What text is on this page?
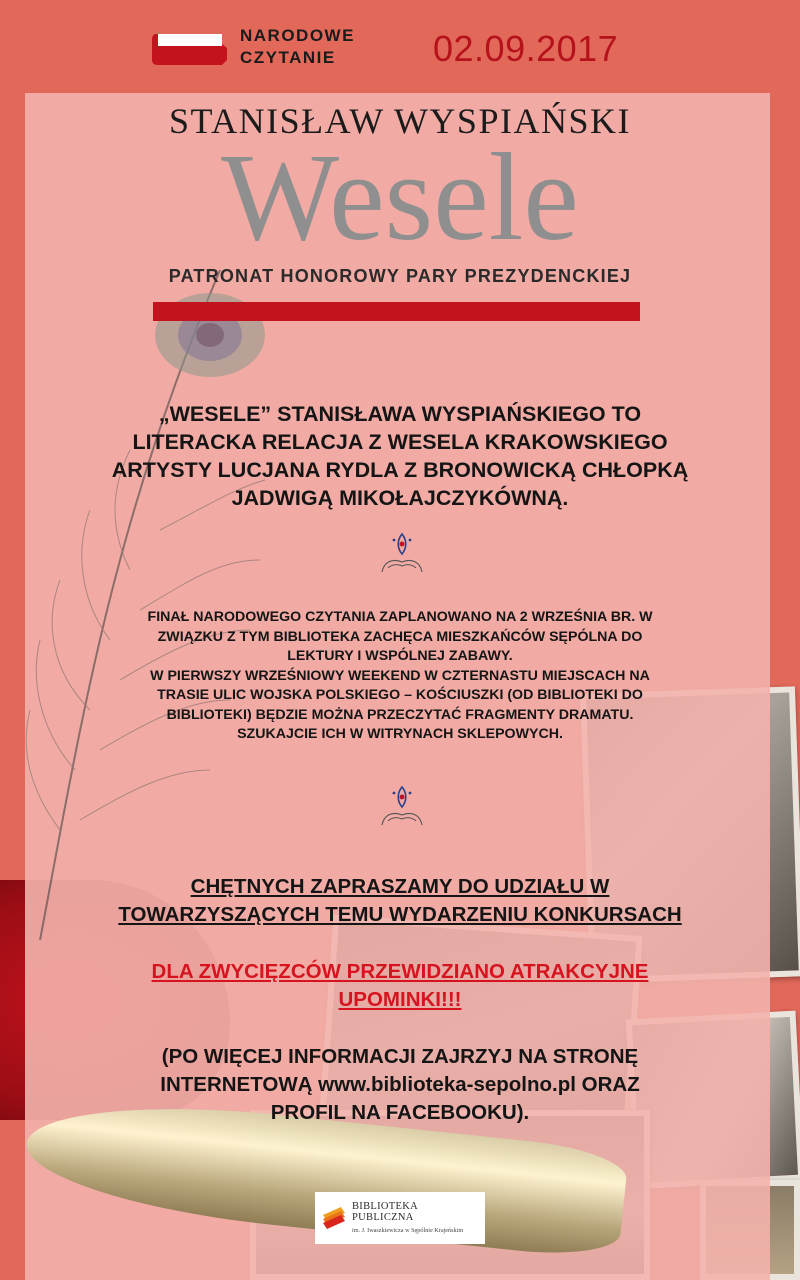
NARODOWE
CZYTANIE	02.09.2017
STANISŁAW WYSPIAŃSKI
Wesele
PATRONAT HONOROWY PARY PREZYDENCKIEJ
„WESELE” STANISŁAWA WYSPIAŃSKIEGO TO
LITERACKA RELACJA Z WESELA KRAKOWSKIEGO
ARTYSTY LUCJANA RYDLA Z BRONOWICKĄ CHŁOPKĄ
JADWIGĄ MIKOŁAJCZYKÓWNĄ.
FINAŁ NARODOWEGO CZYTANIA ZAPLANOWANO NA 2 WRZEŚNIA BR. W
ZWIĄZKU Z TYM BIBLIOTEKA ZACHĘCA MIESZKAŃCÓW SĘPÓLNA DO
LEKTURY I WSPÓLNEJ ZABAWY.
W PIERWSZY WRZEŚNIOWY WEEKEND W CZTERNASTU MIEJSCACH NA
TRASIE ULIC WOJSKA POLSKIEGO – KOŚCIUSZKI (OD BIBLIOTEKI DO
BIBLIOTEKI) BĘDZIE MOŻNA PRZECZYTAĆ FRAGMENTY DRAMATU.
SZUKAJCIE ICH W WITRYNACH SKLEPOWYCH.
CHĘTNYCH ZAPRASZAMY DO UDZIAŁU W
TOWARZYSZĄCYCH TEMU WYDARZENIU KONKURSACH
DLA ZWYCIĘZCÓW PRZEWIDZIANO ATRAKCYJNE
UPOMINKI!!!
(PO WIĘCEJ INFORMACJI ZAJRZYJ NA STRONĘ
INTERNETOWĄ www.biblioteka-sepolno.pl ORAZ
PROFIL NA FACEBOOKU).
BIBLIOTEKA PUBLICZNA
im. J. Iwaszkiewicza w Sępólnie Krajeńskim
